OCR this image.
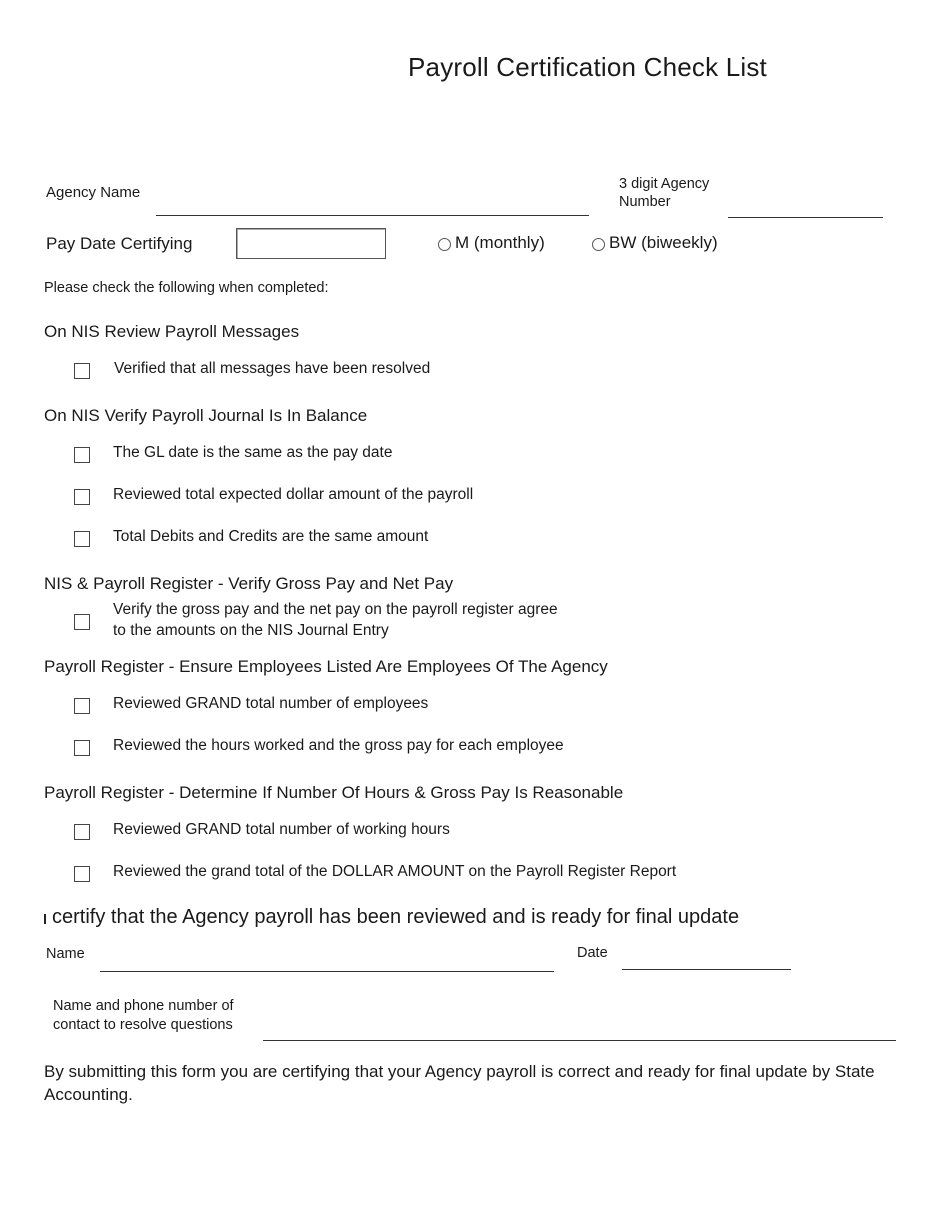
Payroll Certification Check List
Agency Name	3 digit Agency
Number
Pay Date Certifying	M (monthly)	BW (biweekly)
Please check the following when completed:
On NIS Review Payroll Messages
Verified that all messages have been resolved
On NIS Verify Payroll Journal Is In Balance
The GL date is the same as the pay date
Reviewed total expected dollar amount of the payroll
Total Debits and Credits are the same amount
NIS & Payroll Register - Verify Gross Pay and Net Pay
Verify the gross pay and the net pay on the payroll register agree
to the amounts on the NIS Journal Entry
Payroll Register - Ensure Employees Listed Are Employees Of The Agency
Reviewed GRAND total number of employees
Reviewed the hours worked and the gross pay for each employee
Payroll Register - Determine If Number Of Hours & Gross Pay Is Reasonable
Reviewed GRAND total number of working hours
Reviewed the grand total of the DOLLAR AMOUNT on the Payroll Register Report
certify that the Agency payroll has been reviewed and is ready for final update
Name	Date
Name and phone number of
contact to resolve questions
By submitting this form you are certifying that your Agency payroll is correct and ready for final update by State Accounting.
